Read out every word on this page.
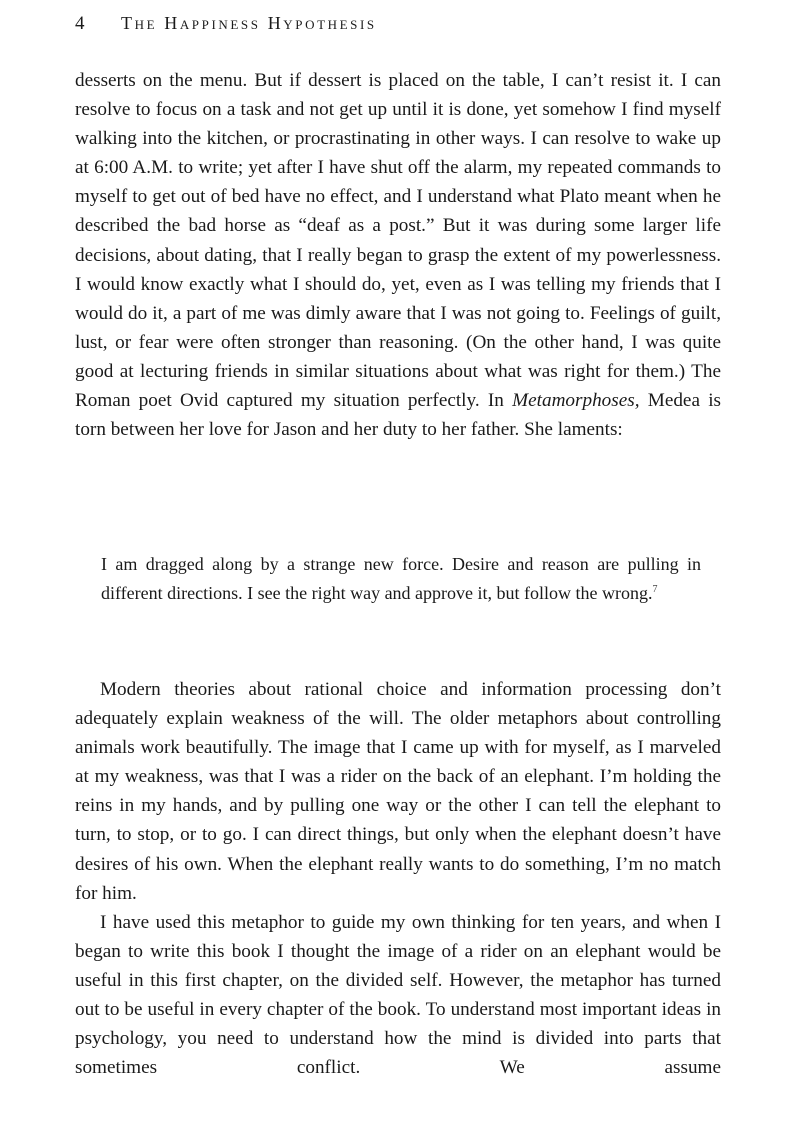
4	The Happiness Hypothesis

desserts on the menu. But if dessert is placed on the table, I can’t resist it. I can resolve to focus on a task and not get up until it is done, yet somehow I find myself walking into the kitchen, or procrastinating in other ways. I can resolve to wake up at 6:00 A.M. to write; yet after I have shut off the alarm, my repeated commands to myself to get out of bed have no effect, and I understand what Plato meant when he described the bad horse as “deaf as a post.” But it was during some larger life decisions, about dating, that I really began to grasp the extent of my powerlessness. I would know exactly what I should do, yet, even as I was telling my friends that I would do it, a part of me was dimly aware that I was not going to. Feelings of guilt, lust, or fear were often stronger than reasoning. (On the other hand, I was quite good at lecturing friends in similar situations about what was right for them.) The Roman poet Ovid captured my situation perfectly. In Metamorphoses, Medea is torn between her love for Jason and her duty to her father. She laments:

I am dragged along by a strange new force. Desire and reason are pulling in different directions. I see the right way and approve it, but follow the wrong.$^7$

Modern theories about rational choice and information processing don’t adequately explain weakness of the will. The older metaphors about controlling animals work beautifully. The image that I came up with for myself, as I marveled at my weakness, was that I was a rider on the back of an elephant. I’m holding the reins in my hands, and by pulling one way or the other I can tell the elephant to turn, to stop, or to go. I can direct things, but only when the elephant doesn’t have desires of his own. When the elephant really wants to do something, I’m no match for him.

I have used this metaphor to guide my own thinking for ten years, and when I began to write this book I thought the image of a rider on an elephant would be useful in this first chapter, on the divided self. However, the metaphor has turned out to be useful in every chapter of the book. To understand most important ideas in psychology, you need to understand how the mind is divided into parts that sometimes conflict. We assume
